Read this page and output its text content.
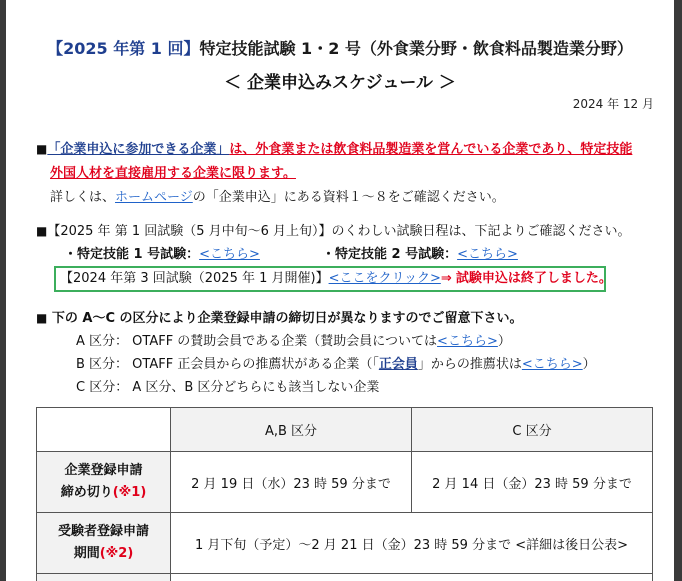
【2025 年第 1 回】特定技能試験 1・2 号（外食業分野・飲食料品製造業分野）
＜ 企業申込みスケジュール ＞
2024 年 12 月
■「企業申込に参加できる企業」は、外食業または飲食料品製造業を営んでいる企業であり、特定技能
外国人材を直接雇用する企業に限ります。
詳しくは、ホームページの「企業申込」にある資料１～８をご確認ください。
■【2025 年 第 1 回試験（5 月中旬～6 月上旬）】のくわしい試験日程は、下記よりご確認ください。
・特定技能 1 号試験：<こちら>	・特定技能 2 号試験：<こちら>
【2024 年第 3 回試験（2025 年 1 月開催)】<ここをクリック>⇒ 試験申込は終了しました。
■ 下の A～C の区分により企業登録申請の締切日が異なりますのでご留意下さい。
A 区分： OTAFF の賛助会員である企業（賛助会員については<こちら>）
B 区分： OTAFF 正会員からの推薦状がある企業（「正会員」からの推薦状は<こちら>）
C 区分： A 区分、B 区分どちらにも該当しない企業
	A,B 区分	C 区分
企業登録申請
締め切り(※1)	2 月 19 日（水）23 時 59 分まで	2 月 14 日（金）23 時 59 分まで
受験者登録申請
期間(※2)	1 月下旬（予定）～2 月 21 日（金）23 時 59 分まで <詳細は後日公表>	
